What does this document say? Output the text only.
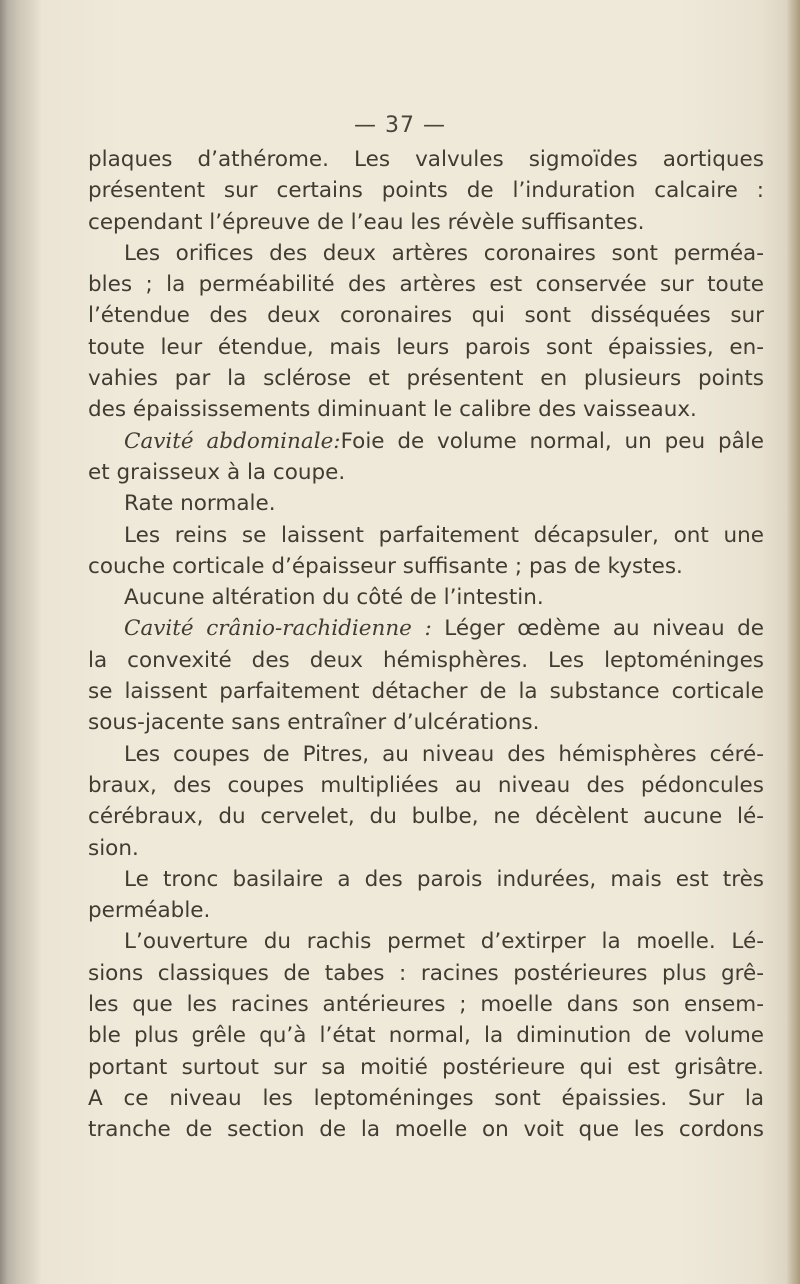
— 37 —
plaques d’athérome. Les valvules sigmoïdes aortiques
présentent sur certains points de l’induration calcaire :
cependant l’épreuve de l’eau les révèle suffisantes.
Les orifices des deux artères coronaires sont perméa-
bles ; la perméabilité des artères est conservée sur toute
l’étendue des deux coronaires qui sont disséquées sur
toute leur étendue, mais leurs parois sont épaissies, en-
vahies par la sclérose et présentent en plusieurs points
des épaississements diminuant le calibre des vaisseaux.
Cavité abdominale:Foie de volume normal, un peu pâle
et graisseux à la coupe.
Rate normale.
Les reins se laissent parfaitement décapsuler, ont une
couche corticale d’épaisseur suffisante ; pas de kystes.
Aucune altération du côté de l’intestin.
Cavité crânio-rachidienne : Léger œdème au niveau de
la convexité des deux hémisphères. Les leptoméninges
se laissent parfaitement détacher de la substance corticale
sous-jacente sans entraîner d’ulcérations.
Les coupes de Pitres, au niveau des hémisphères céré-
braux, des coupes multipliées au niveau des pédoncules
cérébraux, du cervelet, du bulbe, ne décèlent aucune lé-
sion.
Le tronc basilaire a des parois indurées, mais est très
perméable.
L’ouverture du rachis permet d’extirper la moelle. Lé-
sions classiques de tabes : racines postérieures plus grê-
les que les racines antérieures ; moelle dans son ensem-
ble plus grêle qu’à l’état normal, la diminution de volume
portant surtout sur sa moitié postérieure qui est grisâtre.
A ce niveau les leptoméninges sont épaissies. Sur la
tranche de section de la moelle on voit que les cordons
